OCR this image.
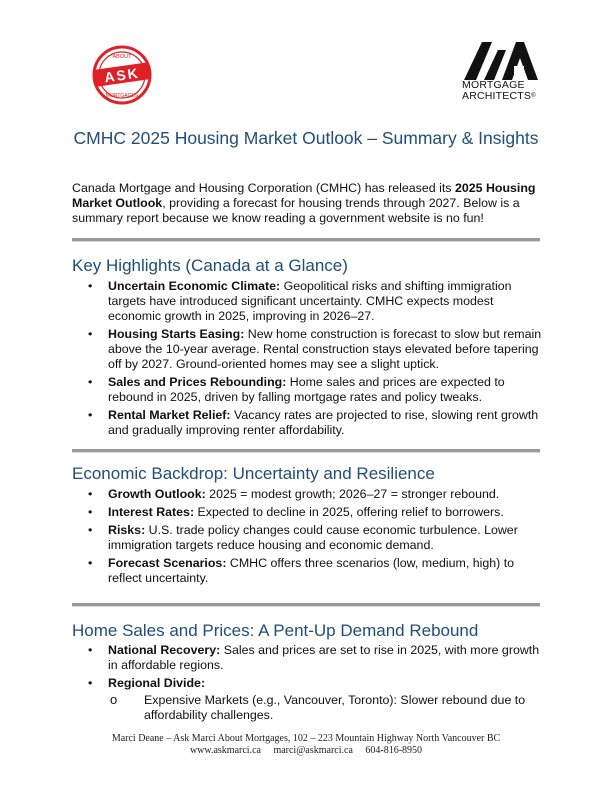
ABOUT
ASK
MORTGAGES
MORTGAGE
ARCHITECTS®
CMHC 2025 Housing Market Outlook – Summary & Insights
Canada Mortgage and Housing Corporation (CMHC) has released its 2025 Housing Market Outlook, providing a forecast for housing trends through 2027. Below is a summary report because we know reading a government website is no fun!
Key Highlights (Canada at a Glance)
• Uncertain Economic Climate: Geopolitical risks and shifting immigration targets have introduced significant uncertainty. CMHC expects modest economic growth in 2025, improving in 2026–27.
• Housing Starts Easing: New home construction is forecast to slow but remain above the 10-year average. Rental construction stays elevated before tapering off by 2027. Ground-oriented homes may see a slight uptick.
• Sales and Prices Rebounding: Home sales and prices are expected to rebound in 2025, driven by falling mortgage rates and policy tweaks.
• Rental Market Relief: Vacancy rates are projected to rise, slowing rent growth and gradually improving renter affordability.
Economic Backdrop: Uncertainty and Resilience
• Growth Outlook: 2025 = modest growth; 2026–27 = stronger rebound.
• Interest Rates: Expected to decline in 2025, offering relief to borrowers.
• Risks: U.S. trade policy changes could cause economic turbulence. Lower immigration targets reduce housing and economic demand.
• Forecast Scenarios: CMHC offers three scenarios (low, medium, high) to reflect uncertainty.
Home Sales and Prices: A Pent-Up Demand Rebound
• National Recovery: Sales and prices are set to rise in 2025, with more growth in affordable regions.
• Regional Divide:
o Expensive Markets (e.g., Vancouver, Toronto): Slower rebound due to affordability challenges.
Marci Deane – Ask Marci About Mortgages, 102 – 223 Mountain Highway North Vancouver BC
www.askmarci.ca     marci@askmarci.ca     604-816-8950
